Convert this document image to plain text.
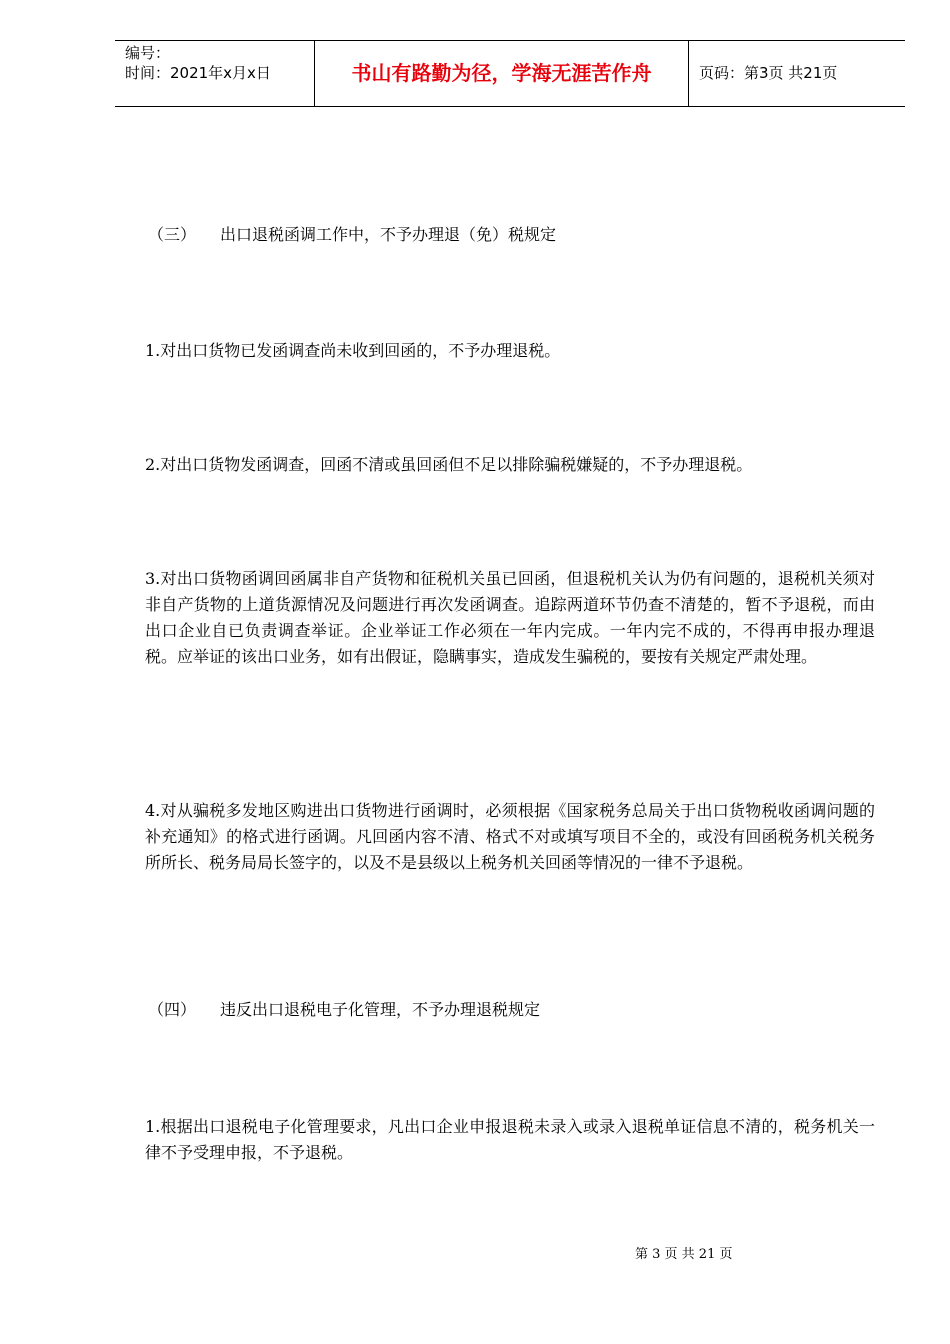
编号：
时间：2021年x月x日	书山有路勤为径，学海无涯苦作舟	页码：第3页 共21页
（三） 出口退税函调工作中，不予办理退（免）税规定
1.对出口货物已发函调查尚未收到回函的，不予办理退税。
2.对出口货物发函调查，回函不清或虽回函但不足以排除骗税嫌疑的，不予办理退税。
3.对出口货物函调回函属非自产货物和征税机关虽已回函，但退税机关认为仍有问题的，退税机关须对非自产货物的上道货源情况及问题进行再次发函调查。追踪两道环节仍查不清楚的，暂不予退税，而由出口企业自已负责调查举证。企业举证工作必须在一年内完成。一年内完不成的，不得再申报办理退税。应举证的该出口业务，如有出假证，隐瞒事实，造成发生骗税的，要按有关规定严肃处理。
4.对从骗税多发地区购进出口货物进行函调时，必须根据《国家税务总局关于出口货物税收函调问题的补充通知》的格式进行函调。凡回函内容不清、格式不对或填写项目不全的，或没有回函税务机关税务所所长、税务局局长签字的，以及不是县级以上税务机关回函等情况的一律不予退税。
（四） 违反出口退税电子化管理，不予办理退税规定
1.根据出口退税电子化管理要求，凡出口企业申报退税未录入或录入退税单证信息不清的，税务机关一律不予受理申报，不予退税。
第 3 页 共 21 页
